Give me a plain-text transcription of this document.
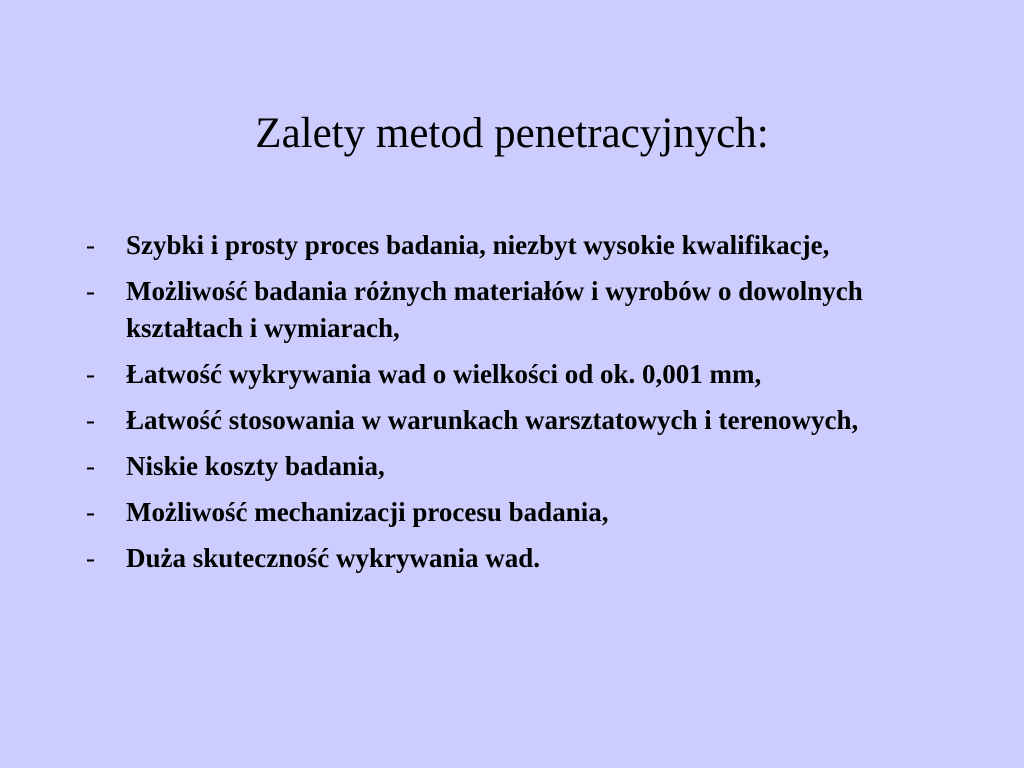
Zalety metod penetracyjnych:
-	Szybki i prosty proces badania, niezbyt wysokie kwalifikacje,
-	Możliwość badania różnych materiałów i wyrobów o dowolnych kształtach i wymiarach,
-	Łatwość wykrywania wad o wielkości od ok. 0,001 mm,
-	Łatwość stosowania w warunkach warsztatowych i terenowych,
-	Niskie koszty badania,
-	Możliwość mechanizacji procesu badania,
-	Duża skuteczność wykrywania wad.
